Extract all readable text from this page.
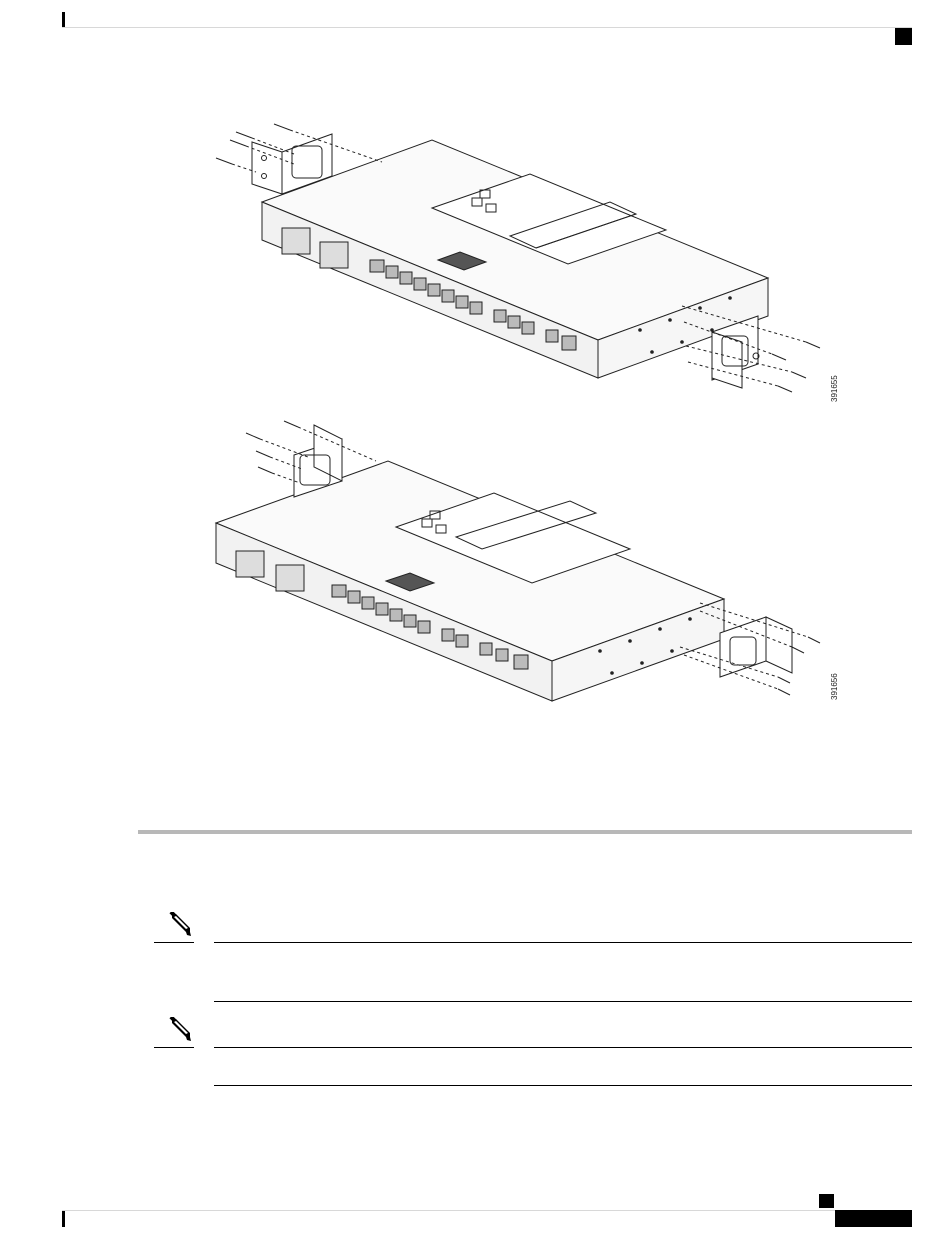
391655
391656
